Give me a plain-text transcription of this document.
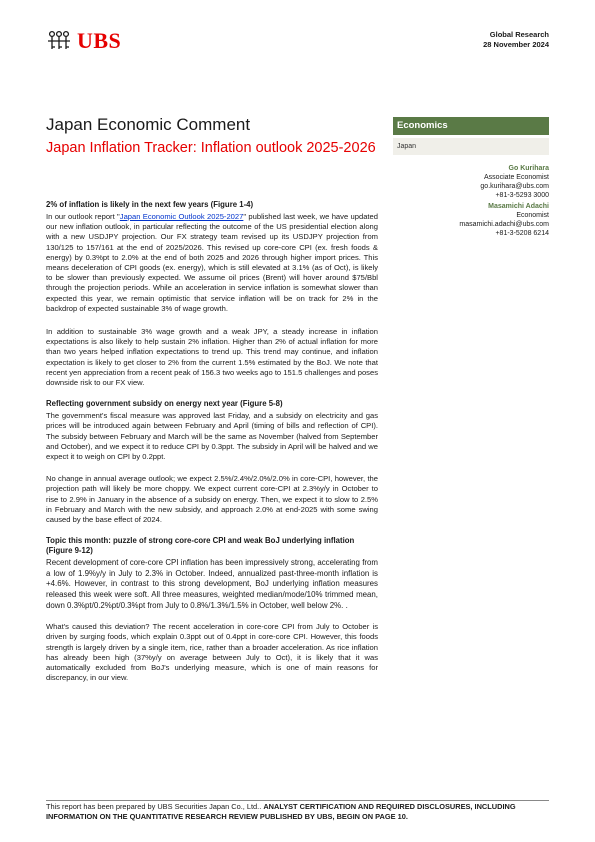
UBS	Global Research
28 November 2024
Japan Economic Comment
Japan Inflation Tracker: Inflation outlook 2025-2026
Economics
Japan
Go Kurihara
Associate Economist
go.kurihara@ubs.com
+81-3-5293 3000
Masamichi Adachi
Economist
masamichi.adachi@ubs.com
+81-3-5208 6214
2% of inflation is likely in the next few years (Figure 1-4)

In our outlook report "Japan Economic Outlook 2025-2027" published last week, we have updated our new inflation outlook, in particular reflecting the outcome of the US presidential election along with a new USDJPY projection. Our FX strategy team revised up its USDJPY projection from 130/125 to 157/161 at the end of 2025/2026. This revised up core-core CPI (ex. fresh foods & energy) by 0.3%pt to 2.0% at the end of both 2025 and 2026 through higher import prices. This means deceleration of CPI goods (ex. energy), which is still elevated at 3.1% (as of Oct), is likely to be slower than previously expected. We assume oil prices (Brent) will hover around $75/Bbl through the projection periods. While an acceleration in service inflation is somewhat slower than expected this year, we remain optimistic that service inflation will be on track for 2% in the backdrop of expected sustainable 3% of wage growth.

In addition to sustainable 3% wage growth and a weak JPY, a steady increase in inflation expectations is also likely to help sustain 2% inflation. Higher than 2% of actual inflation for more than two years helped inflation expectations to trend up. This trend may continue, and inflation expectation is likely to get closer to 2% from the current 1.5% estimated by the BoJ. We note that recent yen appreciation from a recent peak of 156.3 two weeks ago to 151.5 challenges and poses downside risk to our FX view.

Reflecting government subsidy on energy next year (Figure 5-8)

The government's fiscal measure was approved last Friday, and a subsidy on electricity and gas prices will be introduced again between February and April (timing of bills and reflection of CPI). The subsidy between February and March will be the same as November (halved from September and October), and we expect it to reduce CPI by 0.3ppt. The subsidy in April will be halved and we expect it to weigh on CPI by 0.2ppt.

No change in annual average outlook; we expect 2.5%/2.4%/2.0%/2.0% in core-CPI, however, the projection path will likely be more choppy. We expect current core-CPI at 2.3%y/y in October to rise to 2.9% in January in the absence of a subsidy on energy. Then, we expect it to slow to 2.5% in February and March with the new subsidy, and approach 2.0% at end-2025 with some swing caused by the base effect of 2024.

Topic this month: puzzle of strong core-core CPI and weak BoJ underlying inflation (Figure 9-12)

Recent development of core-core CPI inflation has been impressively strong, accelerating from a low of 1.9%y/y in July to 2.3% in October. Indeed, annualized past-three-month inflation is +4.6%. However, in contrast to this strong development, BoJ underlying inflation measures released this week were soft. All three measures, weighted median/mode/10% trimmed mean, down 0.3%pt/0.2%pt/0.3%pt from July to 0.8%/1.3%/1.5% in October, well below 2%. .

What's caused this deviation? The recent acceleration in core-core CPI from July to October is driven by surging foods, which explain 0.3ppt out of 0.4ppt in core-core CPI. However, this foods strength is largely driven by a single item, rice, rather than a broader acceleration. As rice inflation has already been high (37%y/y on average between July to Oct), it is likely that it was automatically excluded from BoJ's underlying measure, which is one of main reasons for discrepancy, in our view.

This report has been prepared by UBS Securities Japan Co., Ltd.. ANALYST CERTIFICATION AND REQUIRED DISCLOSURES, INCLUDING INFORMATION ON THE QUANTITATIVE RESEARCH REVIEW PUBLISHED BY UBS, BEGIN ON PAGE 10.
